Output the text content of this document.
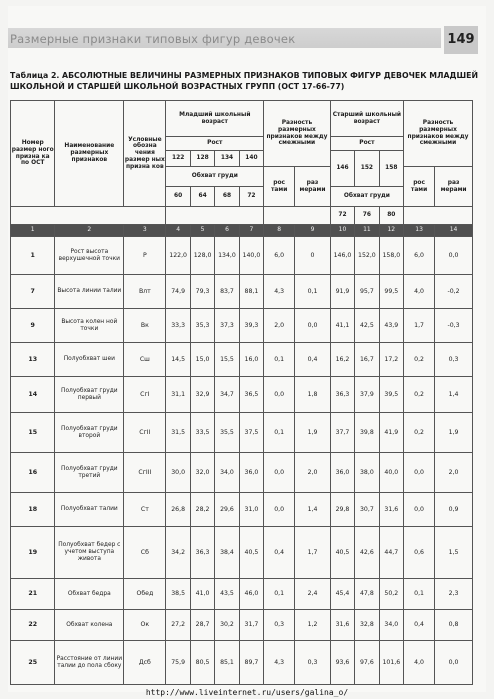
Размерные признаки типовых фигур девочек	149
Таблица 2. АБСОЛЮТНЫЕ ВЕЛИЧИНЫ РАЗМЕРНЫХ ПРИЗНАКОВ ТИПОВЫХ ФИГУР ДЕВОЧЕК МЛАДШЕЙ ШКОЛЬНОЙ И СТАРШЕЙ ШКОЛЬНОЙ ВОЗРАСТНЫХ ГРУПП (ОСТ 17-66-77)
Номер размер ного призна ка по ОСТ	Наименование размерных признаков	Условные обозна чения размер ных призна ков	Младший школьный возраст				Разность размерных признаков между смежными		Старший школьный возраст			Разность размерных признаков между смежными	
			Рост						Рост				
			122	128	134	140			146	152	158		
			Обхват груди				рос тами	раз мерами				рос тами	раз мерами
			60	64	68	72			Обхват груди				
									72	76	80		
1	2	3	4	5	6	7	8	9	10	11	12	13	14
1	Рост высота верхушечной точки	Р	122,0	128,0	134,0	140,0	6,0	0	146,0	152,0	158,0	6,0	0,0
7	Высота линии талии	Влт	74,9	79,3	83,7	88,1	4,3	0,1	91,9	95,7	99,5	4,0	-0,2
9	Высота колен ной точки	Вк	33,3	35,3	37,3	39,3	2,0	0,0	41,1	42,5	43,9	1,7	-0,3
13	Полуобхват шеи	Сш	14,5	15,0	15,5	16,0	0,1	0,4	16,2	16,7	17,2	0,2	0,3
14	Полуобхват груди первый	СгI	31,1	32,9	34,7	36,5	0,0	1,8	36,3	37,9	39,5	0,2	1,4
15	Полуобхват груди второй	СгII	31,5	33,5	35,5	37,5	0,1	1,9	37,7	39,8	41,9	0,2	1,9
16	Полуобхват груди третий	СгIII	30,0	32,0	34,0	36,0	0,0	2,0	36,0	38,0	40,0	0,0	2,0
18	Полуобхват талии	Ст	26,8	28,2	29,6	31,0	0,0	1,4	29,8	30,7	31,6	0,0	0,9
19	Полуобхват бедер с учетом выступа живота	Сб	34,2	36,3	38,4	40,5	0,4	1,7	40,5	42,6	44,7	0,6	1,5
21	Обхват бедра	Обед	38,5	41,0	43,5	46,0	0,1	2,4	45,4	47,8	50,2	0,1	2,3
22	Обхват колена	Ок	27,2	28,7	30,2	31,7	0,3	1,2	31,6	32,8	34,0	0,4	0,8
25	Расстояние от линии талии до пола сбоку	Дсб	75,9	80,5	85,1	89,7	4,3	0,3	93,6	97,6	101,6	4,0	0,0
http://www.liveinternet.ru/users/galina_o/
